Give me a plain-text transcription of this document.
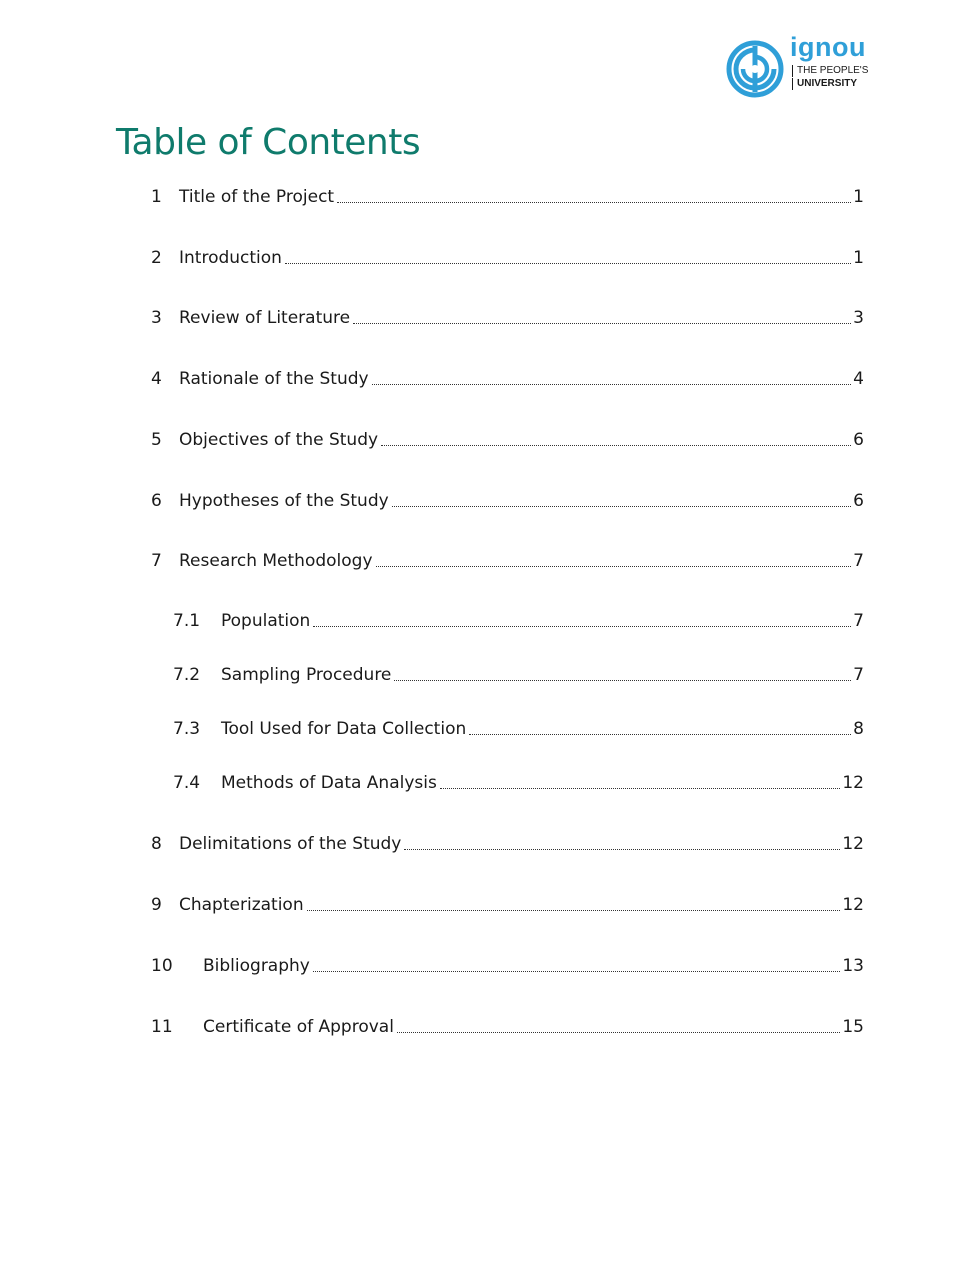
ignou
THE PEOPLE'S
UNIVERSITY
Table of Contents
1	Title of the Project	1
2	Introduction	1
3	Review of Literature	3
4	Rationale of the Study	4
5	Objectives of the Study	6
6	Hypotheses of the Study	6
7	Research Methodology	7
7.1	Population	7
7.2	Sampling Procedure	7
7.3	Tool Used for Data Collection	8
7.4	Methods of Data Analysis	12
8	Delimitations of the Study	12
9	Chapterization	12
10	Bibliography	13
11	Certificate of Approval	15
